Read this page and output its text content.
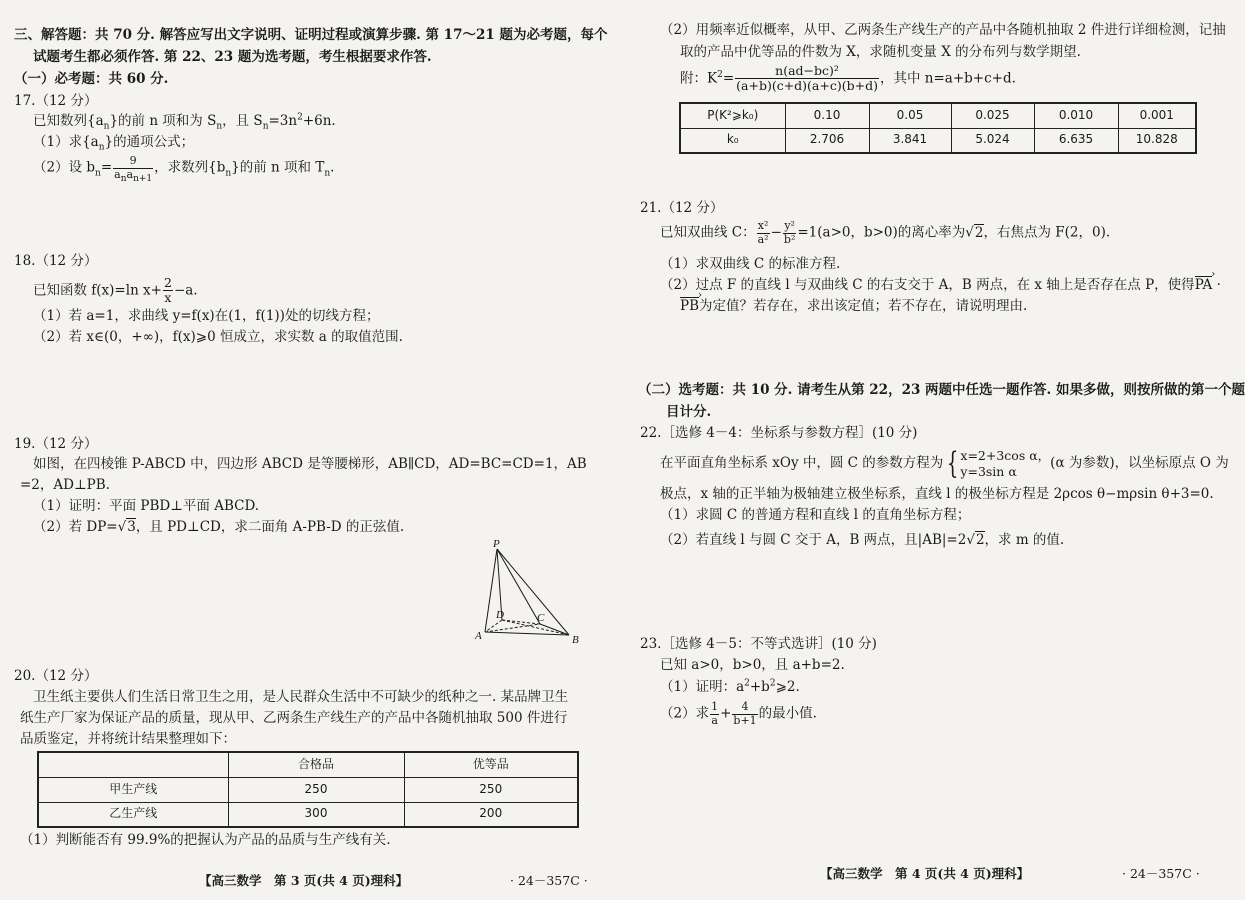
三、解答题：共 70 分. 解答应写出文字说明、证明过程或演算步骤. 第 17～21 题为必考题，每个
试题考生都必须作答. 第 22、23 题为选考题，考生根据要求作答.
（一）必考题：共 60 分.
17.（12 分）
已知数列$\{a_n\}$的前 n 项和为 $S_n$，且 $S_n=3n^2+6n$.
（1）求$\{a_n\}$的通项公式；
（2）设 $b_n= \frac{9}{a_na_{n+1}}$ ，求数列$\{b_n\}$的前 n 项和 $T_n$.
18.（12 分）
已知函数 f(x)=ln $x+ \frac{2}{x} -a$.
（1）若 a=1，求曲线 y=f(x)在(1，f(1))处的切线方程；
（2）若 x∈(0，+∞)，f(x)⩾0 恒成立，求实数 a 的取值范围.
19.（12 分）
如图，在四棱锥 P-ABCD 中，四边形 ABCD 是等腰梯形，AB∥CD，AD=BC=CD=1，AB
=2，AD⊥PB.
（1）证明：平面 PBD⊥平面 ABCD.
（2）若 DP=√3，且 PD⊥CD，求二面角 A-PB-D 的正弦值.
P
A	B
C
D
20.（12 分）
卫生纸主要供人们生活日常卫生之用，是人民群众生活中不可缺少的纸种之一. 某品牌卫生
纸生产厂家为保证产品的质量，现从甲、乙两条生产线生产的产品中各随机抽取 500 件进行
品质鉴定，并将统计结果整理如下：
	合格品	优等品
甲生产线	250	250
乙生产线	300	200
（1）判断能否有 99.9%的把握认为产品的品质与生产线有关.
【高三数学　第 3 页(共 4 页)理科】	· 24－357C ·
（2）用频率近似概率，从甲、乙两条生产线生产的产品中各随机抽取 2 件进行详细检测，记抽
取的产品中优等品的件数为 X，求随机变量 X 的分布列与数学期望.
附：$K^2= \frac{\text{n(ad−bc)²}}{(a+b)(c+d)(a+c)(b+d)}$ ，其中 n=a+b+c+d.
P(K²⩾k₀)	0.10	0.05	0.025	0.010	0.001
k₀	2.706	3.841	5.024	6.635	10.828
21.（12 分）
已知双曲线 C： $\frac{\text{x²}}{\text{a²}} - \frac{\text{y²}}{\text{b²}} =1(a>0$，b>0)的离心率为√2，右焦点为 F(2，0).
（1）求双曲线 C 的标准方程.
（2）过点 F 的直线 l 与双曲线 C 的右支交于 A，B 两点，在 x 轴上是否存在点 P，使得PA › ·
PB ›为定值？若存在，求出该定值；若不存在，请说明理由.
（二）选考题：共 10 分. 请考生从第 22，23 两题中任选一题作答. 如果多做，则按所做的第一个题
目计分.
22.［选修 4－4：坐标系与参数方程］(10 分)
在平面直角坐标系 xOy 中，圆 C 的参数方程为 { x=2+3cos α，
y=3sin α	(α 为参数)，以坐标原点 O 为
极点，x 轴的正半轴为极轴建立极坐标系，直线 l 的极坐标方程是 2ρcos θ−mρsin θ+3=0.
（1）求圆 C 的普通方程和直线 l 的直角坐标方程；
（2）若直线 l 与圆 C 交于 A，B 两点，且|AB|=2√2，求 m 的值.
23.［选修 4－5：不等式选讲］(10 分)
已知 a>0，b>0，且 a+b=2.
（1）证明：$a^2+b^2⩾2$.
（2）求 $\frac{1}{a} + \frac{4}{b+1}$ 的最小值.
【高三数学　第 4 页(共 4 页)理科】	· 24－357C ·
